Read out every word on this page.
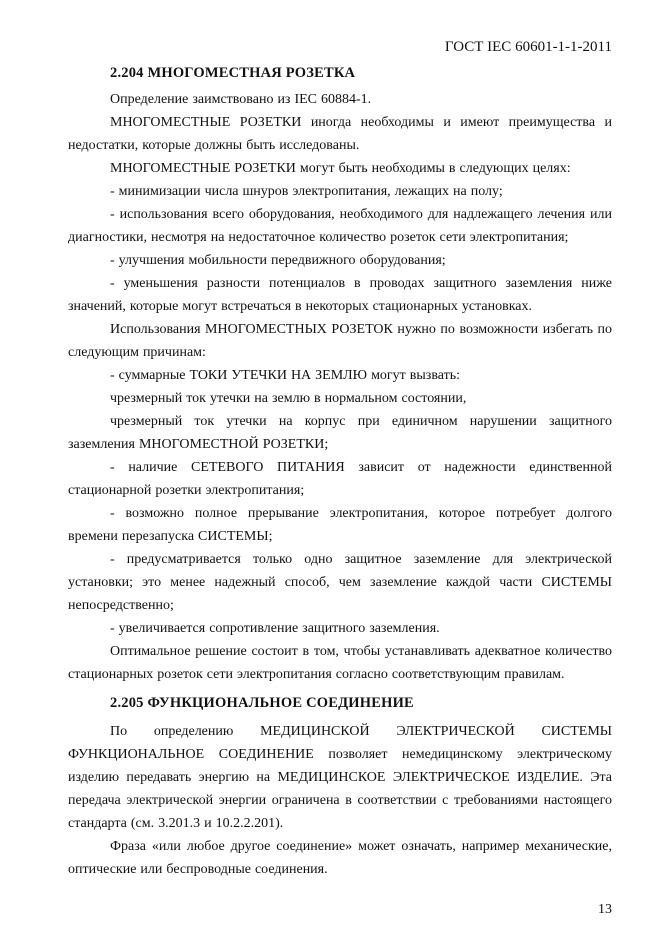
ГОСТ IEC 60601-1-1-2011
2.204 МНОГОМЕСТНАЯ РОЗЕТКА

Определение заимствовано из IEC 60884-1.

МНОГОМЕСТНЫЕ РОЗЕТКИ иногда необходимы и имеют преимущества и недостатки, которые должны быть исследованы.

МНОГОМЕСТНЫЕ РОЗЕТКИ могут быть необходимы в следующих целях:

- минимизации числа шнуров электропитания, лежащих на полу;

- использования всего оборудования, необходимого для надлежащего лечения или диагностики, несмотря на недостаточное количество розеток сети электропитания;

- улучшения мобильности передвижного оборудования;

- уменьшения разности потенциалов в проводах защитного заземления ниже значений, которые могут встречаться в некоторых стационарных установках.

Использования МНОГОМЕСТНЫХ РОЗЕТОК нужно по возможности избегать по следующим причинам:

- суммарные ТОКИ УТЕЧКИ НА ЗЕМЛЮ могут вызвать:

чрезмерный ток утечки на землю в нормальном состоянии,

чрезмерный ток утечки на корпус при единичном нарушении защитного заземления МНОГОМЕСТНОЙ РОЗЕТКИ;

- наличие СЕТЕВОГО ПИТАНИЯ зависит от надежности единственной стационарной розетки электропитания;

- возможно полное прерывание электропитания, которое потребует долгого времени перезапуска СИСТЕМЫ;

- предусматривается только одно защитное заземление для электрической установки; это менее надежный способ, чем заземление каждой части СИСТЕМЫ непосредственно;

- увеличивается сопротивление защитного заземления.

Оптимальное решение состоит в том, чтобы устанавливать адекватное количество стационарных розеток сети электропитания согласно соответствующим правилам.

2.205 ФУНКЦИОНАЛЬНОЕ СОЕДИНЕНИЕ

По определению МЕДИЦИНСКОЙ ЭЛЕКТРИЧЕСКОЙ СИСТЕМЫ ФУНКЦИОНАЛЬНОЕ СОЕДИНЕНИЕ позволяет немедицинскому электрическому изделию передавать энергию на МЕДИЦИНСКОЕ ЭЛЕКТРИЧЕСКОЕ ИЗДЕЛИЕ. Эта передача электрической энергии ограничена в соответствии с требованиями настоящего стандарта (см. 3.201.3 и 10.2.2.201).

Фраза «или любое другое соединение» может означать, например механические, оптические или беспроводные соединения.

13
